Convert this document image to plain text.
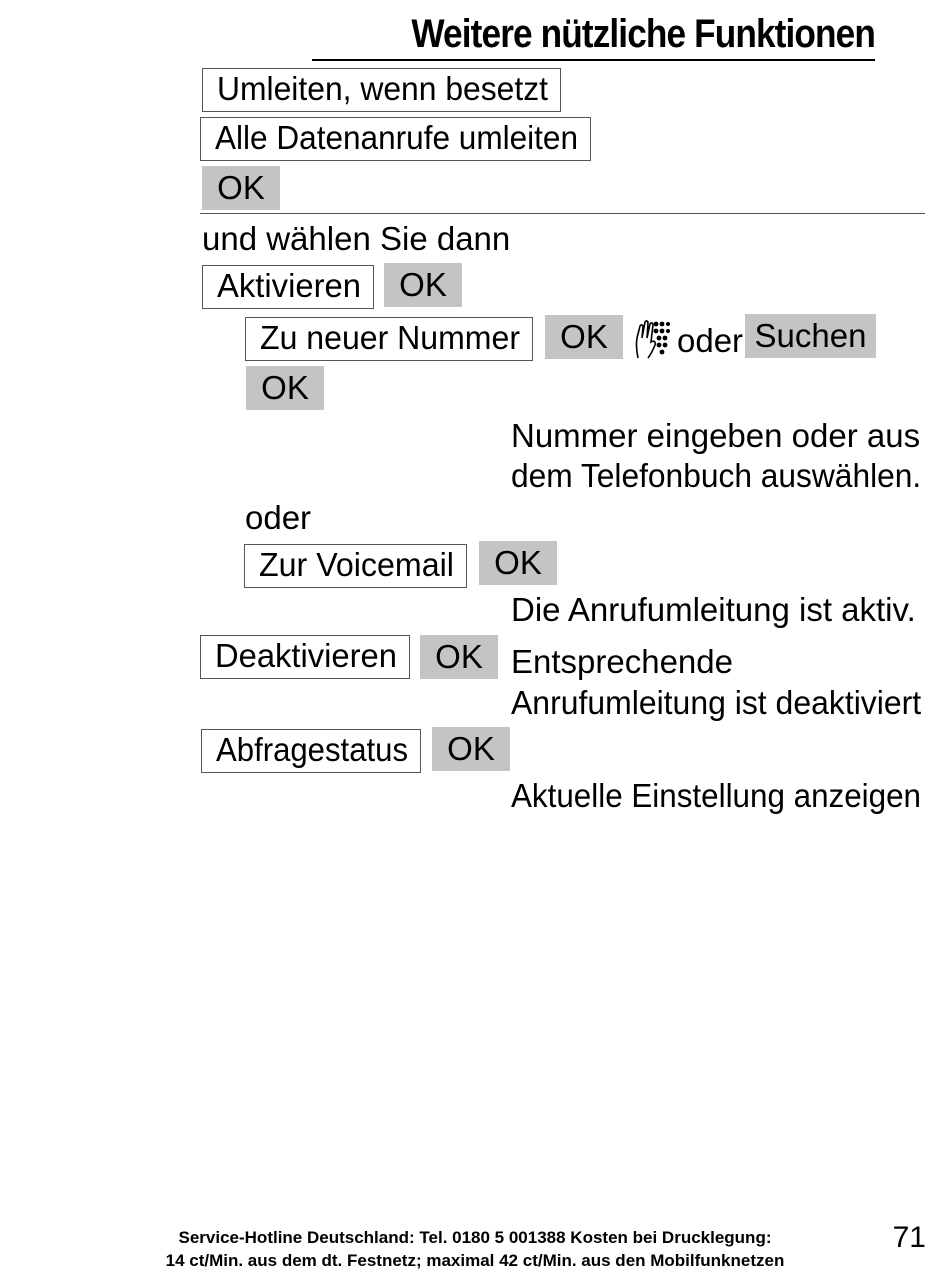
Weitere nützliche Funktionen
Umleiten, wenn besetzt
Alle Datenanrufe umleiten
OK
und wählen Sie dann
Aktivieren	OK
Zu neuer Nummer	OK	oder Suchen
OK
Nummer eingeben oder aus
dem Telefonbuch auswählen.
oder
Zur Voicemail	OK
Die Anrufumleitung ist aktiv.
Deaktivieren	OK Entsprechende
Anrufumleitung ist deaktiviert
Abfragestatus	OK
Aktuelle Einstellung anzeigen
Service-Hotline Deutschland: Tel. 0180 5 001388 Kosten bei Drucklegung:
14 ct/Min. aus dem dt. Festnetz; maximal 42 ct/Min. aus den Mobilfunknetzen
71
